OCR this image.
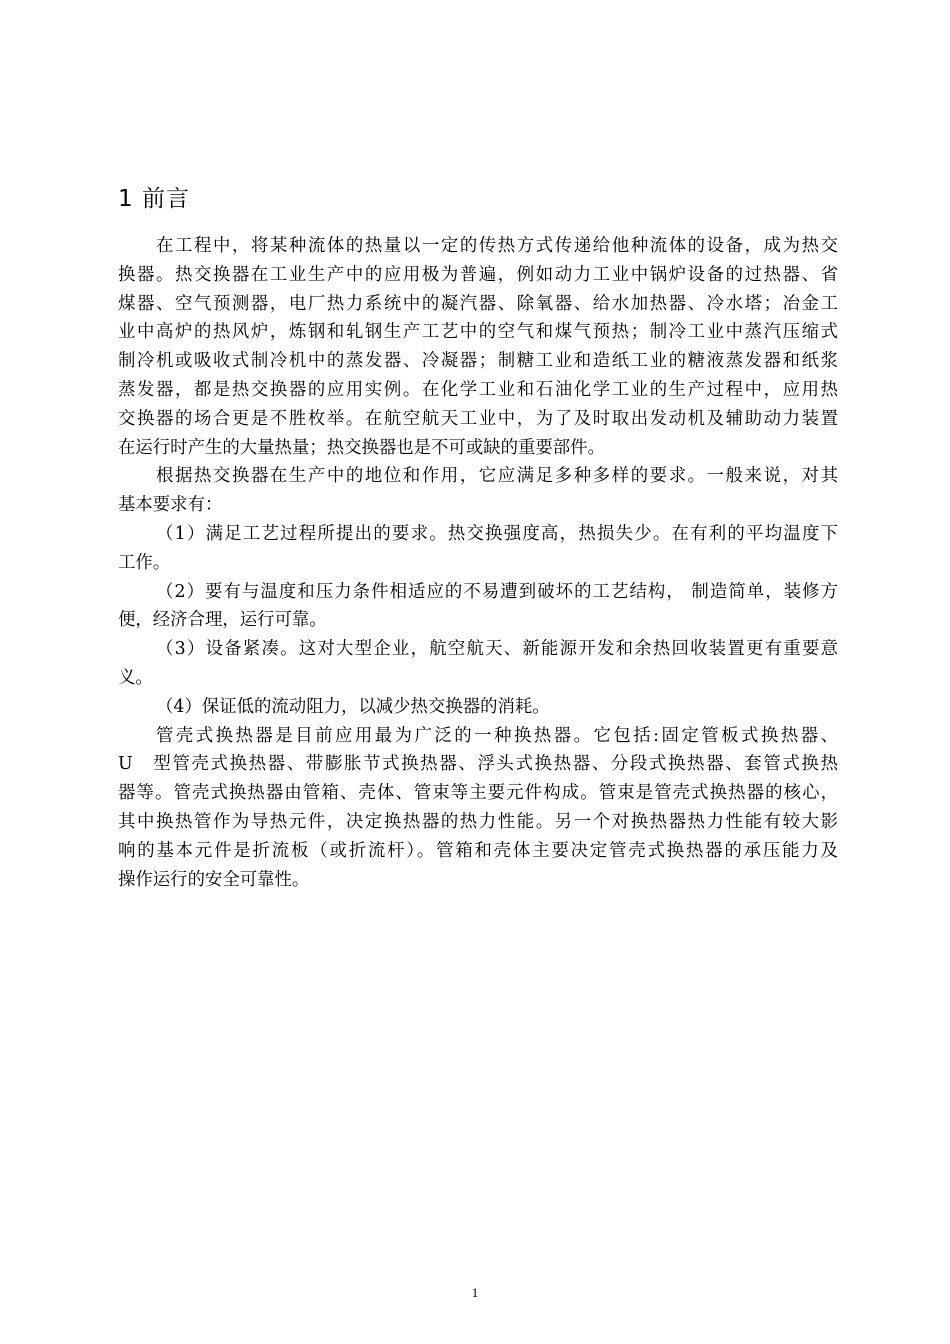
1 前言
在工程中，将某种流体的热量以一定的传热方式传递给他种流体的设备，成为热交
换器。热交换器在工业生产中的应用极为普遍，例如动力工业中锅炉设备的过热器、省
煤器、空气预测器，电厂热力系统中的凝汽器、除氧器、给水加热器、冷水塔；冶金工
业中高炉的热风炉，炼钢和轧钢生产工艺中的空气和煤气预热；制冷工业中蒸汽压缩式
制冷机或吸收式制冷机中的蒸发器、冷凝器；制糖工业和造纸工业的糖液蒸发器和纸浆
蒸发器，都是热交换器的应用实例。在化学工业和石油化学工业的生产过程中，应用热
交换器的场合更是不胜枚举。在航空航天工业中，为了及时取出发动机及辅助动力装置
在运行时产生的大量热量；热交换器也是不可或缺的重要部件。
根据热交换器在生产中的地位和作用，它应满足多种多样的要求。一般来说，对其
基本要求有：
（1）满足工艺过程所提出的要求。热交换强度高，热损失少。在有利的平均温度下
工作。
（2）要有与温度和压力条件相适应的不易遭到破坏的工艺结构， 制造简单，装修方
便，经济合理，运行可靠。
（3）设备紧凑。这对大型企业，航空航天、新能源开发和余热回收装置更有重要意
义。
（4）保证低的流动阻力，以减少热交换器的消耗。
管壳式换热器是目前应用最为广泛的一种换热器。它包括:固定管板式换热器、
U　型管壳式换热器、带膨胀节式换热器、浮头式换热器、分段式换热器、套管式换热
器等。管壳式换热器由管箱、壳体、管束等主要元件构成。管束是管壳式换热器的核心，
其中换热管作为导热元件，决定换热器的热力性能。另一个对换热器热力性能有较大影
响的基本元件是折流板（或折流杆）。管箱和壳体主要决定管壳式换热器的承压能力及
操作运行的安全可靠性。
1
